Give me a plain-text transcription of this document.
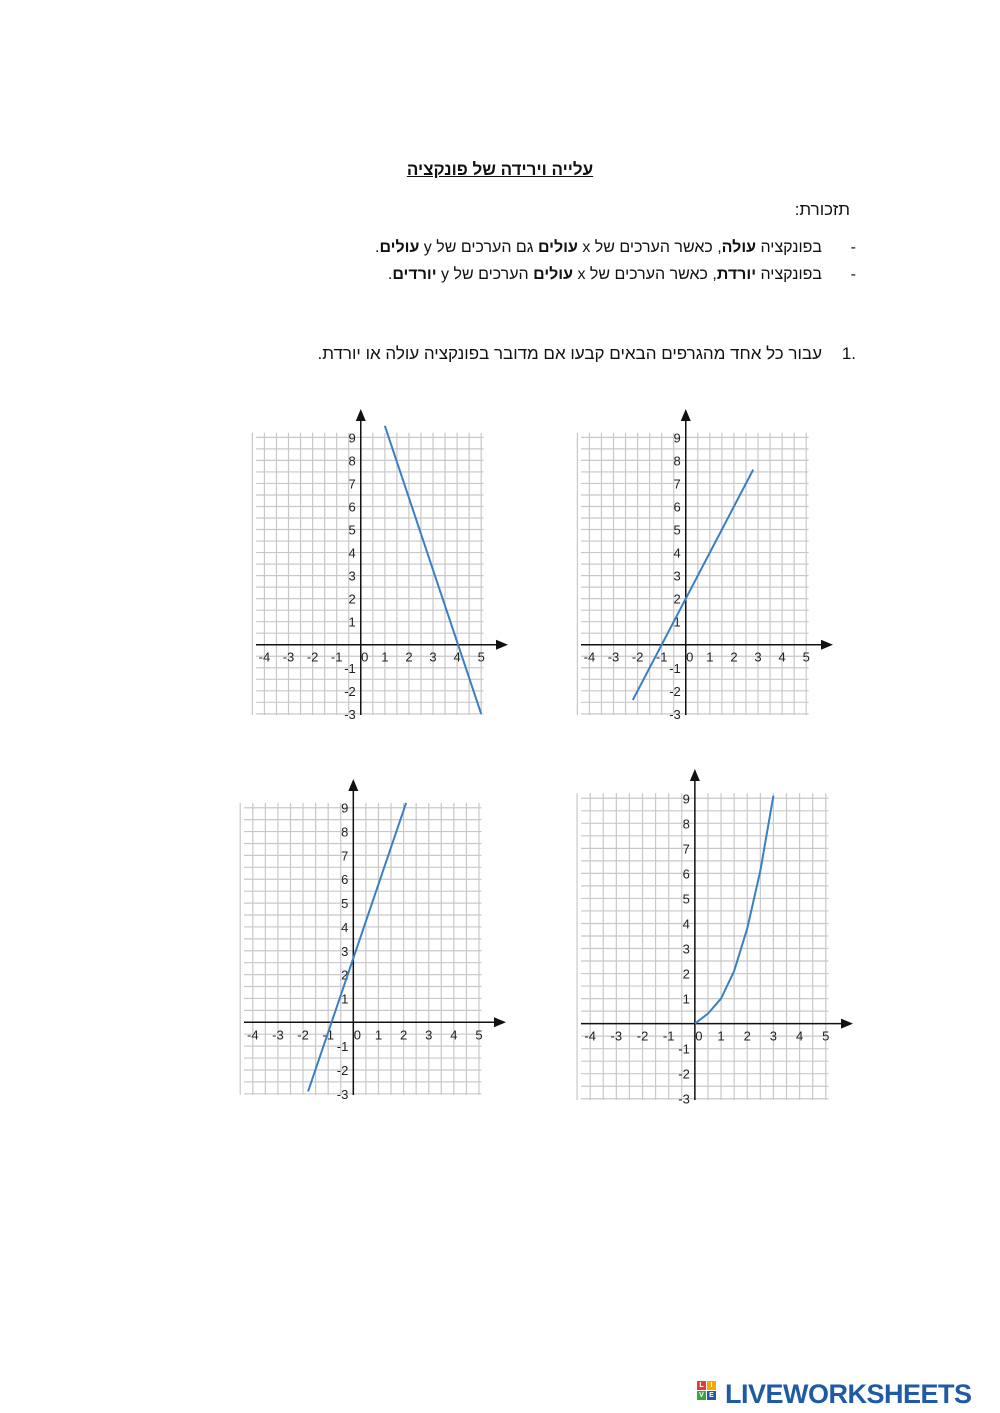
עלייה וירידה של פונקציה
תזכורת:
-
בפונקציה עולה, כאשר הערכים של x עולים גם הערכים של y עולים.
-
בפונקציה יורדת, כאשר הערכים של x עולים הערכים של y יורדים.
1.
עבור כל אחד מהגרפים הבאים קבעו אם מדובר בפונקציה עולה או יורדת.
-4 -3 -2 -1 0 1 2 3 4 5
-3
-2
-1
1
2
3
4
5
6
7
8
9
-4 -3 -2 -1 0 1 2 3 4 5
-3
-2
-1
1
2
3
4
5
6
7
8
9
-4 -3 -2 -1 0 1 2 3 4 5
-3
-2
-1
1
2
3
4
5
6
7
8
9
-4 -3 -2 -1 0 1 2 3 4 5
-3
-2
-1
1
2
3
4
5
6
7
8
9
L I
V E LIVEWORKSHEETS
